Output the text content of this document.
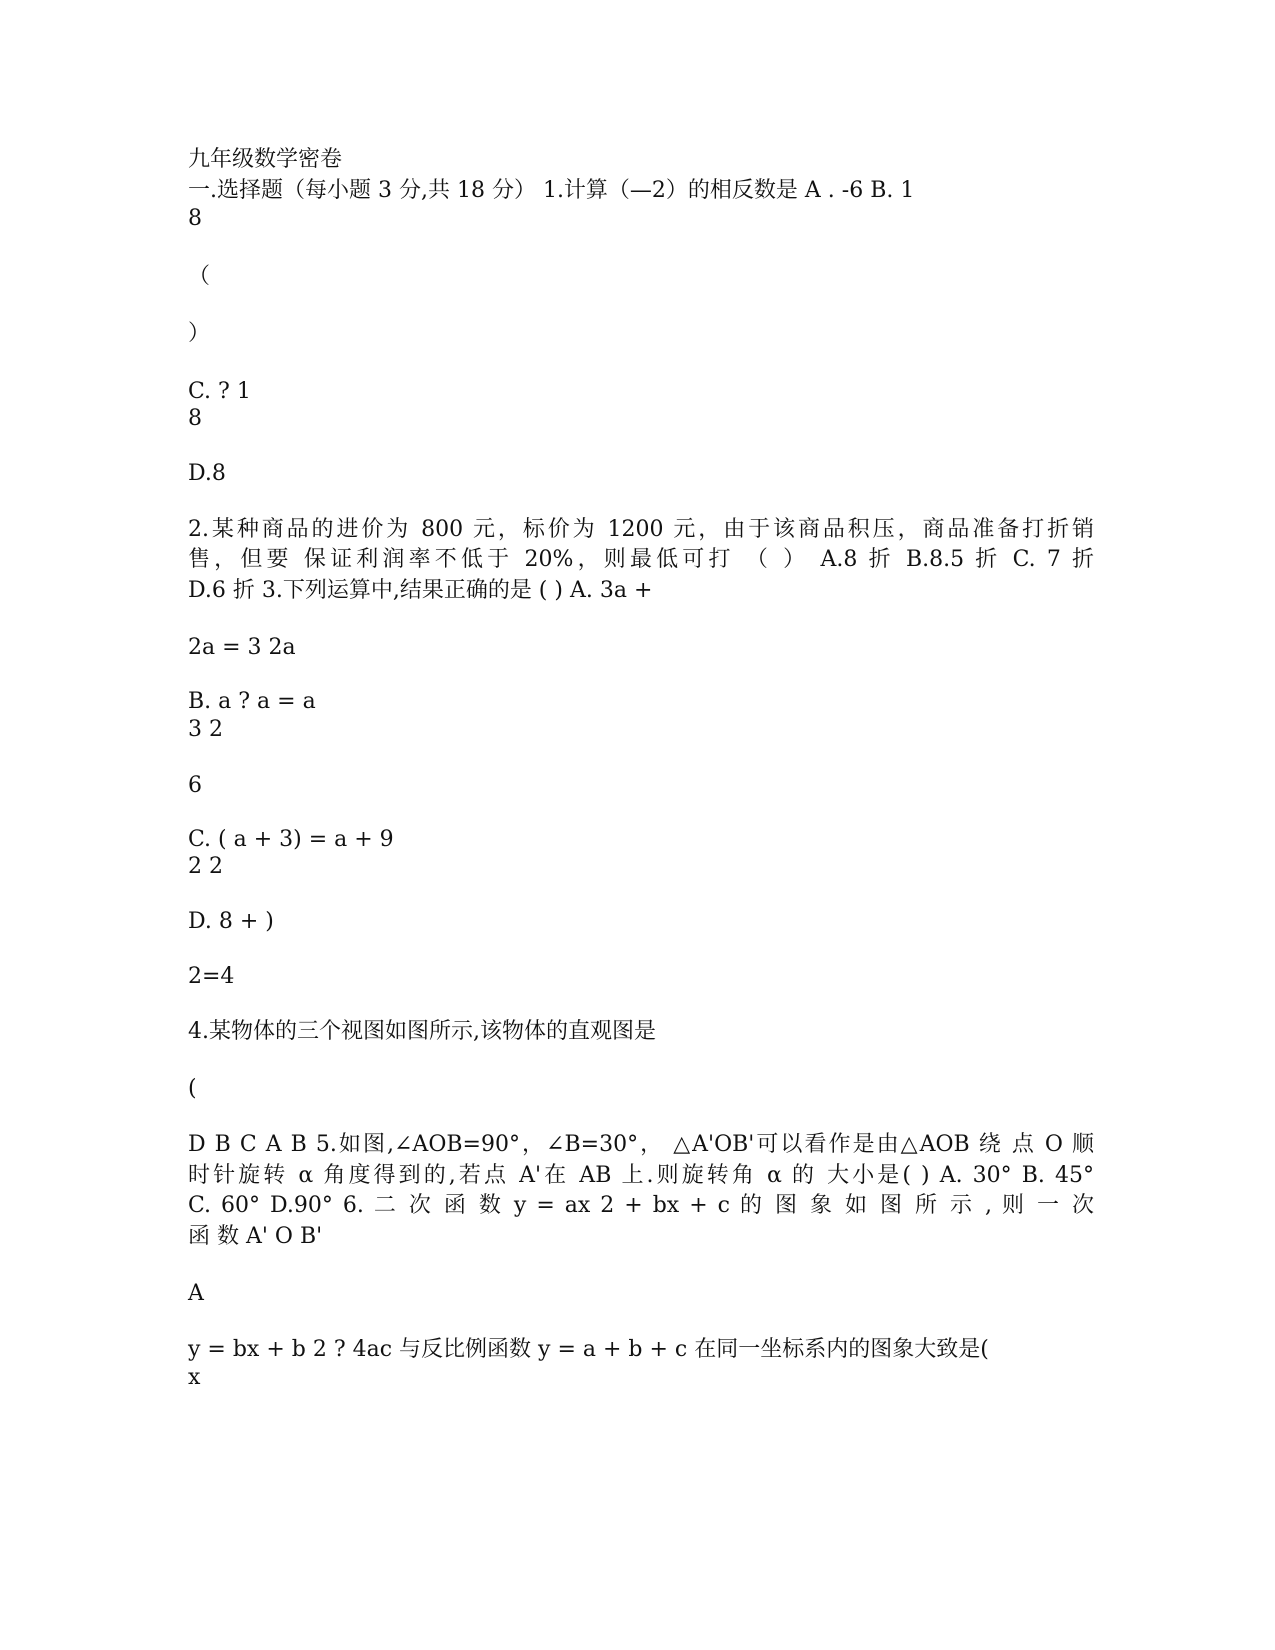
九年级数学密卷
一.选择题（每小题 3 分,共 18 分） 1.计算（—2）的相反数是 A . -6 B. 1
8
（
）
C. ? 1
8
D.8
2.某种商品的进价为 800 元，标价为 1200 元，由于该商品积压，商品准备打折销
售，但要 保证利润率不低于 20%，则最低可打 （ ） A.8 折 B.8.5 折 C. 7 折
D.6 折 3.下列运算中,结果正确的是 ( ) A. 3a +
2a = 3 2a
B. a ? a = a
3 2
6
C. ( a + 3) = a + 9
2 2
D. 8 + )
2=4
4.某物体的三个视图如图所示,该物体的直观图是
(
D B C A B 5.如图,∠AOB=90°，∠B=30°， △A'OB'可以看作是由△AOB 绕 点 O 顺
时针旋转 α 角度得到的,若点 A'在 AB 上.则旋转角 α 的 大小是( ) A. 30° B. 45°
C. 60° D.90° 6. 二 次 函 数 y = ax 2 + bx + c 的 图 象 如 图 所 示 , 则 一 次
函 数 A' O B'
A
y = bx + b 2 ? 4ac 与反比例函数 y = a + b + c 在同一坐标系内的图象大致是(
x
